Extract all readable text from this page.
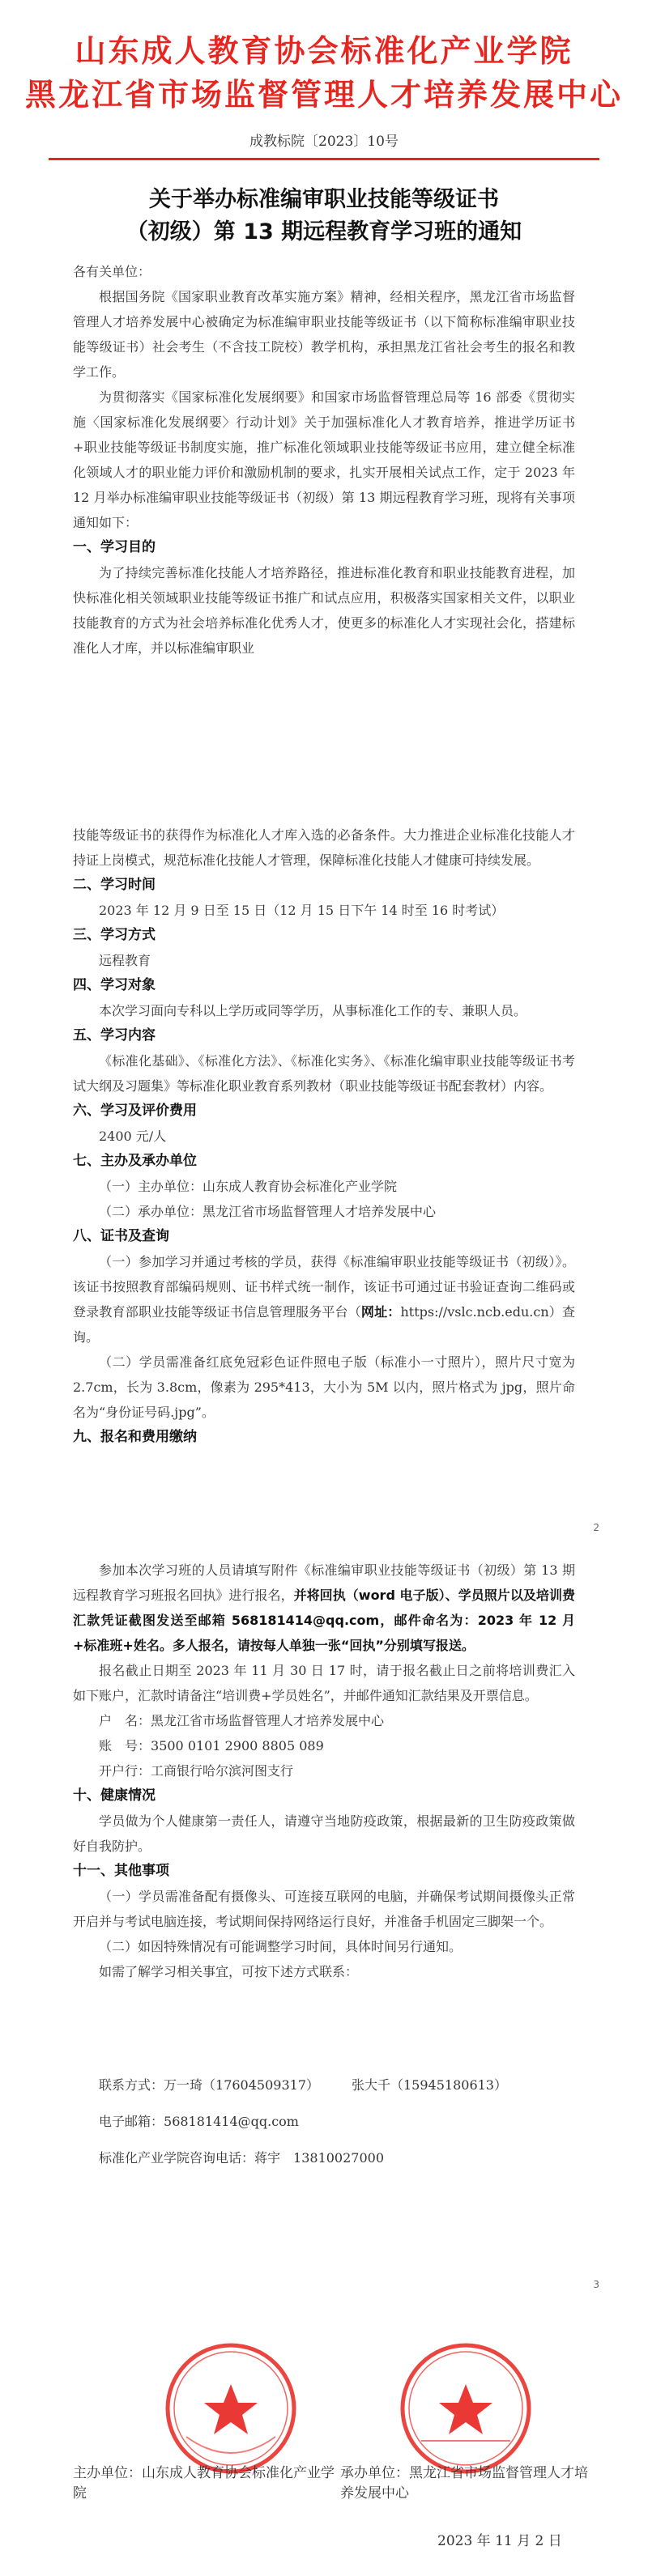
山东成人教育协会标准化产业学院
黑龙江省市场监督管理人才培养发展中心
成教标院〔2023〕10号
关于举办标准编审职业技能等级证书
（初级）第 13 期远程教育学习班的通知

各有关单位：

根据国务院《国家职业教育改革实施方案》精神，经相关程序，黑龙江省市场监督管理人才培养发展中心被确定为标准编审职业技能等级证书（以下简称标准编审职业技能等级证书）社会考生（不含技工院校）教学机构，承担黑龙江省社会考生的报名和教学工作。

为贯彻落实《国家标准化发展纲要》和国家市场监督管理总局等 16 部委《贯彻实施〈国家标准化发展纲要〉行动计划》关于加强标准化人才教育培养，推进学历证书+职业技能等级证书制度实施，推广标准化领域职业技能等级证书应用，建立健全标准化领域人才的职业能力评价和激励机制的要求，扎实开展相关试点工作，定于 2023 年 12 月举办标准编审职业技能等级证书（初级）第 13 期远程教育学习班，现将有关事项通知如下：

一、学习目的

为了持续完善标准化技能人才培养路径，推进标准化教育和职业技能教育进程，加快标准化相关领域职业技能等级证书推广和试点应用，积极落实国家相关文件，以职业技能教育的方式为社会培养标准化优秀人才，使更多的标准化人才实现社会化，搭建标准化人才库，并以标准编审职业

技能等级证书的获得作为标准化人才库入选的必备条件。大力推进企业标准化技能人才持证上岗模式，规范标准化技能人才管理，保障标准化技能人才健康可持续发展。

二、学习时间

2023 年 12 月 9 日至 15 日（12 月 15 日下午 14 时至 16 时考试）

三、学习方式

远程教育

四、学习对象

本次学习面向专科以上学历或同等学历，从事标准化工作的专、兼职人员。

五、学习内容

《标准化基础》、《标准化方法》、《标准化实务》、《标准化编审职业技能等级证书考试大纲及习题集》等标准化职业教育系列教材（职业技能等级证书配套教材）内容。

六、学习及评价费用

2400 元/人

七、主办及承办单位

（一）主办单位：山东成人教育协会标准化产业学院

（二）承办单位：黑龙江省市场监督管理人才培养发展中心

八、证书及查询

（一）参加学习并通过考核的学员，获得《标准编审职业技能等级证书（初级）》。该证书按照教育部编码规则、证书样式统一制作，该证书可通过证书验证查询二维码或登录教育部职业技能等级证书信息管理服务平台（网址：https://vslc.ncb.edu.cn）查询。

（二）学员需准备红底免冠彩色证件照电子版（标准小一寸照片），照片尺寸宽为 2.7cm，长为 3.8cm，像素为 295*413，大小为 5M 以内，照片格式为 jpg，照片命名为“身份证号码.jpg”。

九、报名和费用缴纳

2

参加本次学习班的人员请填写附件《标准编审职业技能等级证书（初级）第 13 期远程教育学习班报名回执》进行报名，并将回执（word 电子版）、学员照片以及培训费汇款凭证截图发送至邮箱 568181414@qq.com，邮件命名为：2023 年 12 月+标准班+姓名。多人报名，请按每人单独一张“回执”分别填写报送。

报名截止日期至 2023 年 11 月 30 日 17 时，请于报名截止日之前将培训费汇入如下账户，汇款时请备注“培训费+学员姓名”，并邮件通知汇款结果及开票信息。

户　名：黑龙江省市场监督管理人才培养发展中心

账　号：3500 0101 2900 8805 089

开户行：工商银行哈尔滨河图支行

十、健康情况

学员做为个人健康第一责任人，请遵守当地防疫政策，根据最新的卫生防疫政策做好自我防护。

十一、其他事项

（一）学员需准备配有摄像头、可连接互联网的电脑，并确保考试期间摄像头正常开启并与考试电脑连接，考试期间保持网络运行良好，并准备手机固定三脚架一个。

（二）如因特殊情况有可能调整学习时间，具体时间另行通知。

如需了解学习相关事宜，可按下述方式联系：

联系方式：万一琦（17604509317）	张大千（15945180613）

电子邮箱：568181414@qq.com

标准化产业学院咨询电话：蒋宇 13810027000

3
主办单位：山东成人教育协会标准化产业学院
承办单位：黑龙江省市场监督管理人才培养发展中心
2023 年 11 月 2 日
